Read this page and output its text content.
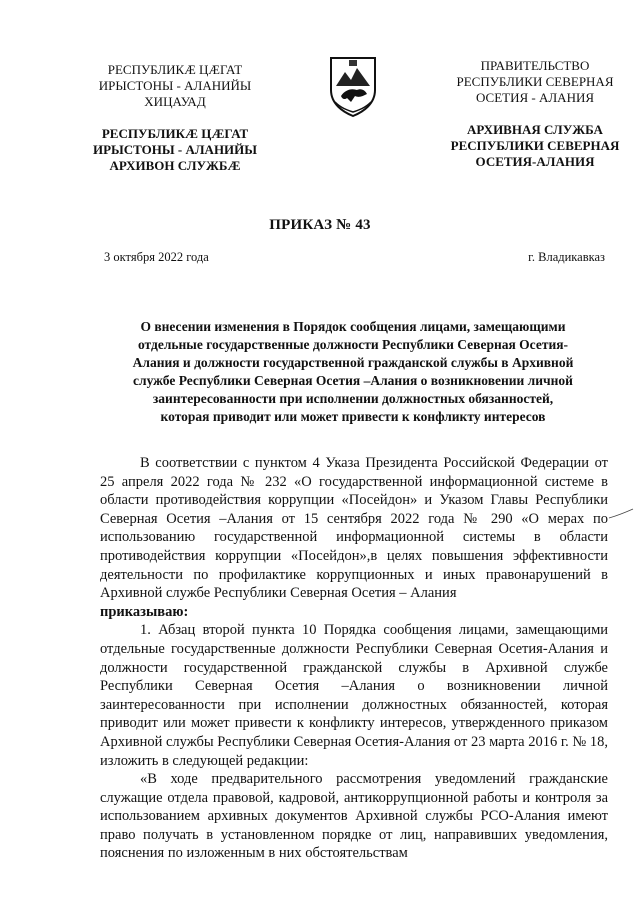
РЕСПУБЛИКÆ ЦÆГАТ
ИРЫСТОНЫ - АЛАНИЙЫ
ХИЦАУАД
РЕСПУБЛИКÆ ЦÆГАТ
ИРЫСТОНЫ - АЛАНИЙЫ
АРХИВОН СЛУЖБÆ
ПРАВИТЕЛЬСТВО
РЕСПУБЛИКИ СЕВЕРНАЯ
ОСЕТИЯ - АЛАНИЯ
АРХИВНАЯ СЛУЖБА
РЕСПУБЛИКИ СЕВЕРНАЯ
ОСЕТИЯ-АЛАНИЯ
ПРИКАЗ № 43
3 октября 2022 года	г. Владикавказ
О внесении изменения в Порядок сообщения лицами, замещающими
отдельные государственные должности Республики Северная Осетия-
Алания и должности государственной гражданской службы в Архивной
службе Республики Северная Осетия –Алания о возникновении личной
заинтересованности при исполнении должностных обязанностей,
которая приводит или может привести к конфликту интересов

В соответствии с пунктом 4 Указа Президента Российской Федерации от 25 апреля 2022 года № 232 «О государственной информационной системе в области противодействия коррупции «Посейдон» и Указом Главы Республики Северная Осетия –Алания от 15 сентября 2022 года № 290 «О мерах по использованию государственной информационной системы в области противодействия коррупции «Посейдон»,в целях повышения эффективности деятельности по профилактике коррупционных и иных правонарушений в Архивной службе Республики Северная Осетия – Алания

приказываю:

1. Абзац второй пункта 10 Порядка сообщения лицами, замещающими отдельные государственные должности Республики Северная Осетия-Алания и должности государственной гражданской службы в Архивной службе Республики Северная Осетия –Алания о возникновении личной заинтересованности при исполнении должностных обязанностей, которая приводит или может привести к конфликту интересов, утвержденного приказом Архивной службы Республики Северная Осетия-Алания от 23 марта 2016 г. № 18, изложить в следующей редакции:

«В ходе предварительного рассмотрения уведомлений гражданские служащие отдела правовой, кадровой, антикоррупционной работы и контроля за использованием архивных документов Архивной службы РСО-Алания имеют право получать в установленном порядке от лиц, направивших уведомления, пояснения по изложенным в них обстоятельствам
